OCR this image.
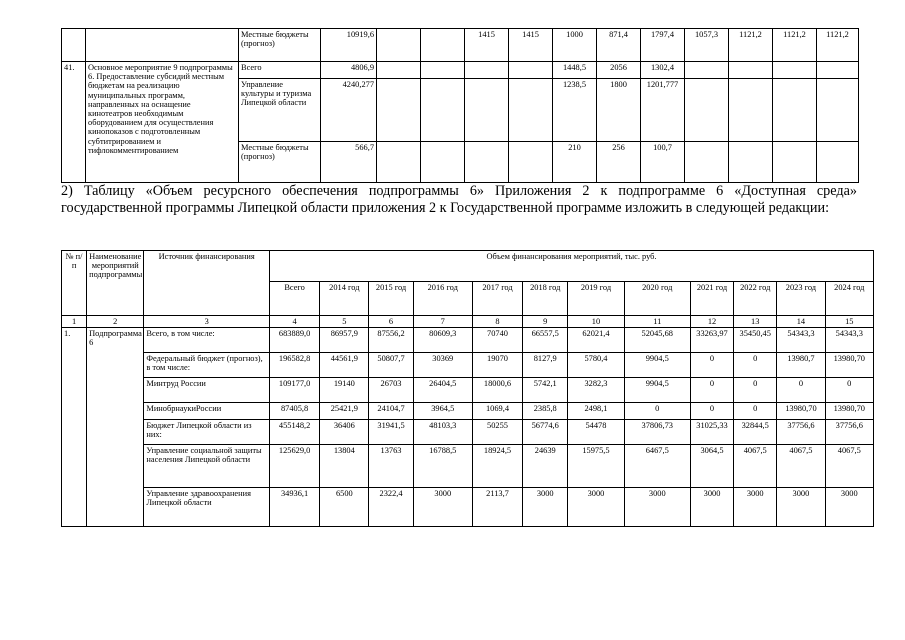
		Местные бюджеты (прогноз)	10919,6			1415	1415	1000	871,4	1797,4	1057,3	1121,2	1121,2	1121,2
41.	Основное мероприятие 9 подпрограммы 6. Предоставление субсидий местным бюджетам на реализацию муниципальных программ, направленных на оснащение кинотеатров необходимым оборудованием для осуществления кинопоказов с подготовленным субтитрированием и тифлокомментированием	Всего	4806,9					1448,5	2056	1302,4				
		Управление культуры и туризма Липецкой области	4240,277					1238,5	1800	1201,777				
		Местные бюджеты (прогноз)	566,7					210	256	100,7				
2) Таблицу «Объем ресурсного обеспечения подпрограммы 6» Приложения 2 к подпрограмме 6 «Доступная среда» государственной программы Липецкой области приложения 2 к Государственной программе изложить в следующей редакции:
№ п/п	Наименование мероприятий подпрограммы	Источник финансирования	Объем финансирования мероприятий, тыс. руб.											
			Всего	2014 год	2015 год	2016 год	2017 год	2018 год	2019 год	2020 год	2021 год	2022 год	2023 год	2024 год
1	2	3	4	5	6	7	8	9	10	11	12	13	14	15
1.	Подпрограмма 6	Всего, в том числе:	683889,0	86957,9	87556,2	80609,3	70740	66557,5	62021,4	52045,68	33263,97	35450,45	54343,3	54343,3
		Федеральный бюджет (прогноз), в том числе:	196582,8	44561,9	50807,7	30369	19070	8127,9	5780,4	9904,5	0	0	13980,7	13980,70
		Минтруд России	109177,0	19140	26703	26404,5	18000,6	5742,1	3282,3	9904,5	0	0	0	0
		МинобрнаукиРоссии	87405,8	25421,9	24104,7	3964,5	1069,4	2385,8	2498,1	0	0	0	13980,70	13980,70
		Бюджет Липецкой области из них:	455148,2	36406	31941,5	48103,3	50255	56774,6	54478	37806,73	31025,33	32844,5	37756,6	37756,6
		Управление социальной защиты населения Липецкой области	125629,0	13804	13763	16788,5	18924,5	24639	15975,5	6467,5	3064,5	4067,5	4067,5	4067,5
		Управление здравоохранения Липецкой области	34936,1	6500	2322,4	3000	2113,7	3000	3000	3000	3000	3000	3000	3000
